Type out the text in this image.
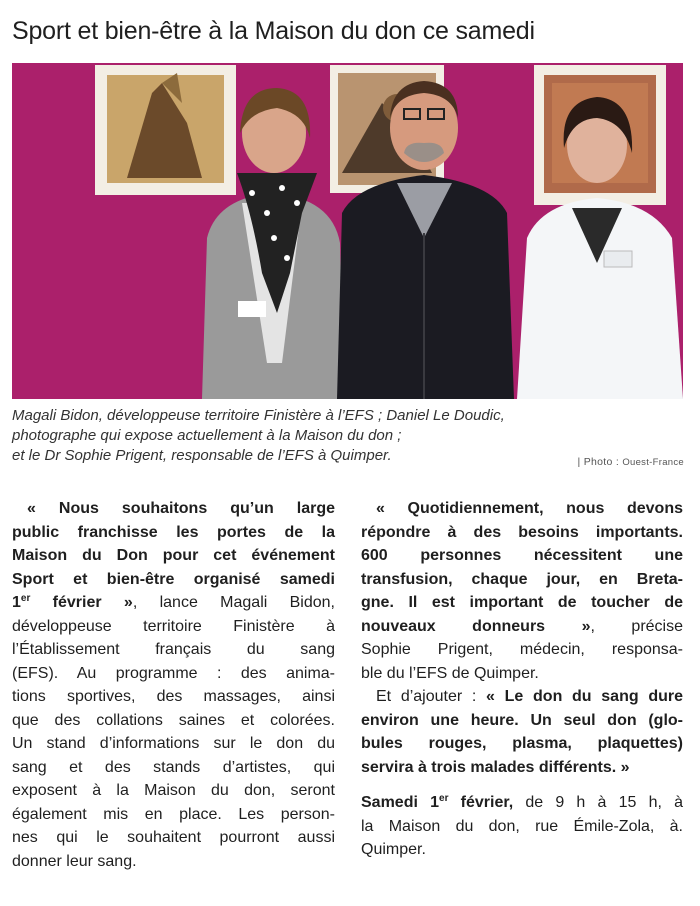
Sport et bien-être à la Maison du don ce samedi
Magali Bidon, développeuse territoire Finistère à l’EFS ; Daniel Le Doudic,
photographe qui expose actuellement à la Maison du don ;
et le Dr Sophie Prigent, responsable de l’EFS à Quimper.	| Photo : Ouest-France
« Nous souhaitons qu’un large
public franchisse les portes de la
Maison du Don pour cet événement
Sport et bien-être organisé samedi
1er février », lance Magali Bidon,
développeuse territoire Finistère à
l’Établissement français du sang
(EFS). Au programme : des anima-
tions sportives, des massages, ainsi
que des collations saines et colorées.
Un stand d’informations sur le don du
sang et des stands d’artistes, qui
exposent à la Maison du don, seront
également mis en place. Les person-
nes qui le souhaitent pourront aussi
donner leur sang.
« Quotidiennement, nous devons
répondre à des besoins importants.
600 personnes nécessitent une
transfusion, chaque jour, en Breta-
gne. Il est important de toucher de
nouveaux donneurs », précise
Sophie Prigent, médecin, responsa-
ble du l’EFS de Quimper.
Et d’ajouter : « Le don du sang dure
environ une heure. Un seul don (glo-
bules rouges, plasma, plaquettes)
servira à trois malades différents. »
Samedi 1er février, de 9 h à 15 h, à
la Maison du don, rue Émile-Zola, à.
Quimper.
